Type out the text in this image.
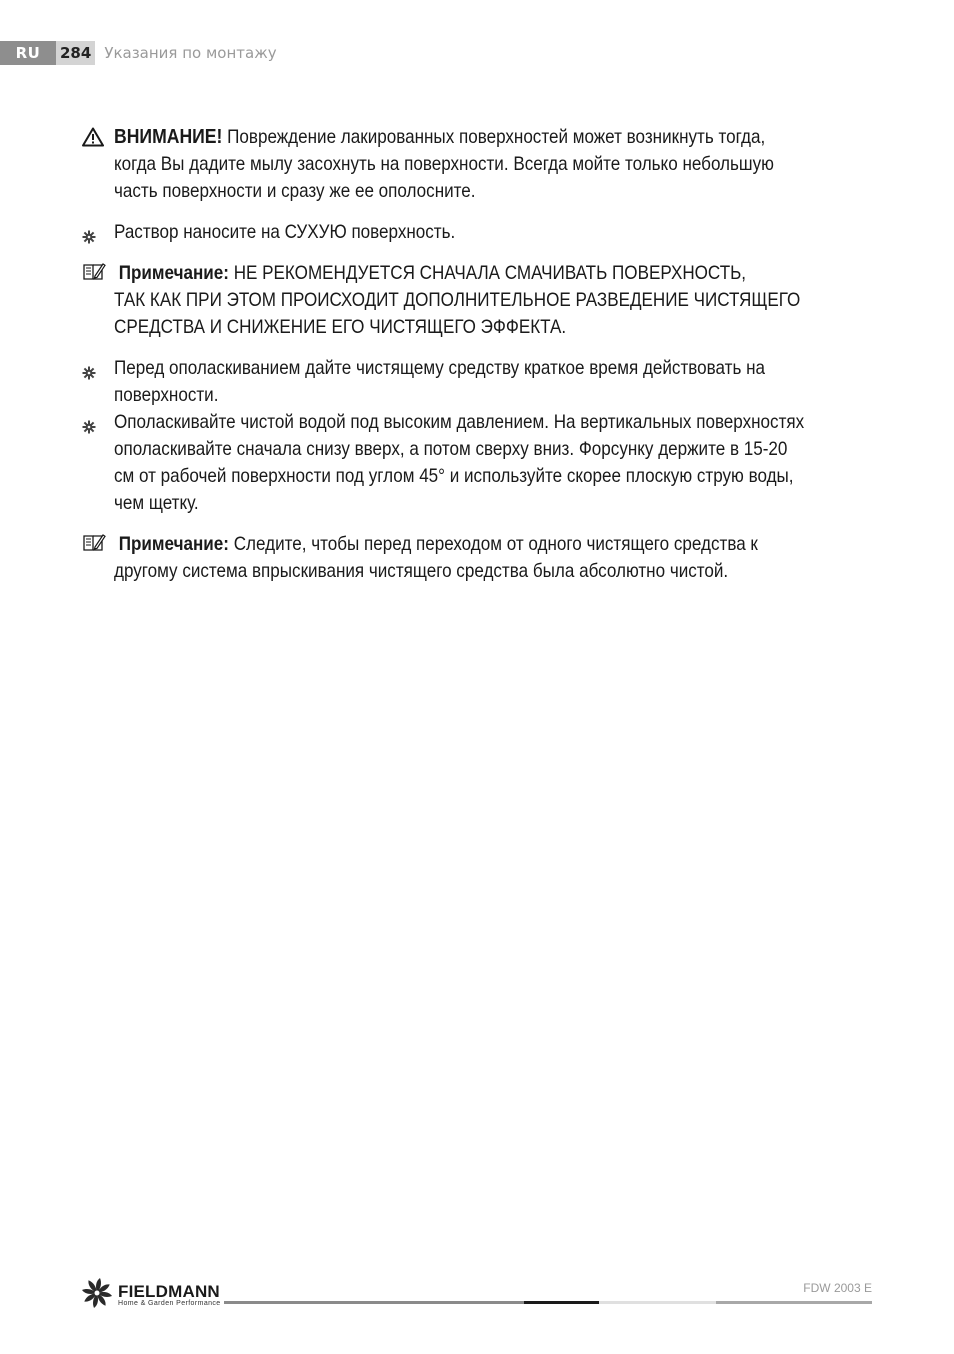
RU	284 Указания по монтажу
ВНИМАНИЕ! Повреждение лакированных поверхностей может возникнуть тогда,
когда Вы дадите мылу засохнуть на поверхности. Всегда мойте только небольшую
часть поверхности и сразу же ее ополосните.
Раствор наносите на СУХУЮ поверхность.
Примечание: НЕ РЕКОМЕНДУЕТСЯ СНАЧАЛА СМАЧИВАТЬ ПОВЕРХНОСТЬ,
ТАК КАК ПРИ ЭТОМ ПРОИСХОДИТ ДОПОЛНИТЕЛЬНОЕ РАЗВЕДЕНИЕ ЧИСТЯЩЕГО
СРЕДСТВА И СНИЖЕНИЕ ЕГО ЧИСТЯЩЕГО ЭФФЕКТА.
Перед ополаскиванием дайте чистящему средству краткое время действовать на
поверхности.
Ополаскивайте чистой водой под высоким давлением. На вертикальных поверхностях
ополаскивайте сначала снизу вверх, а потом сверху вниз. Форсунку держите в 15-20
см от рабочей поверхности под углом 45° и используйте скорее плоскую струю воды,
чем щетку.
Примечание: Следите, чтобы перед переходом от одного чистящего средства к
другому система впрыскивания чистящего средства была абсолютно чистой.
FIELDMANN
Home & Garden Performance
FDW 2003 E
